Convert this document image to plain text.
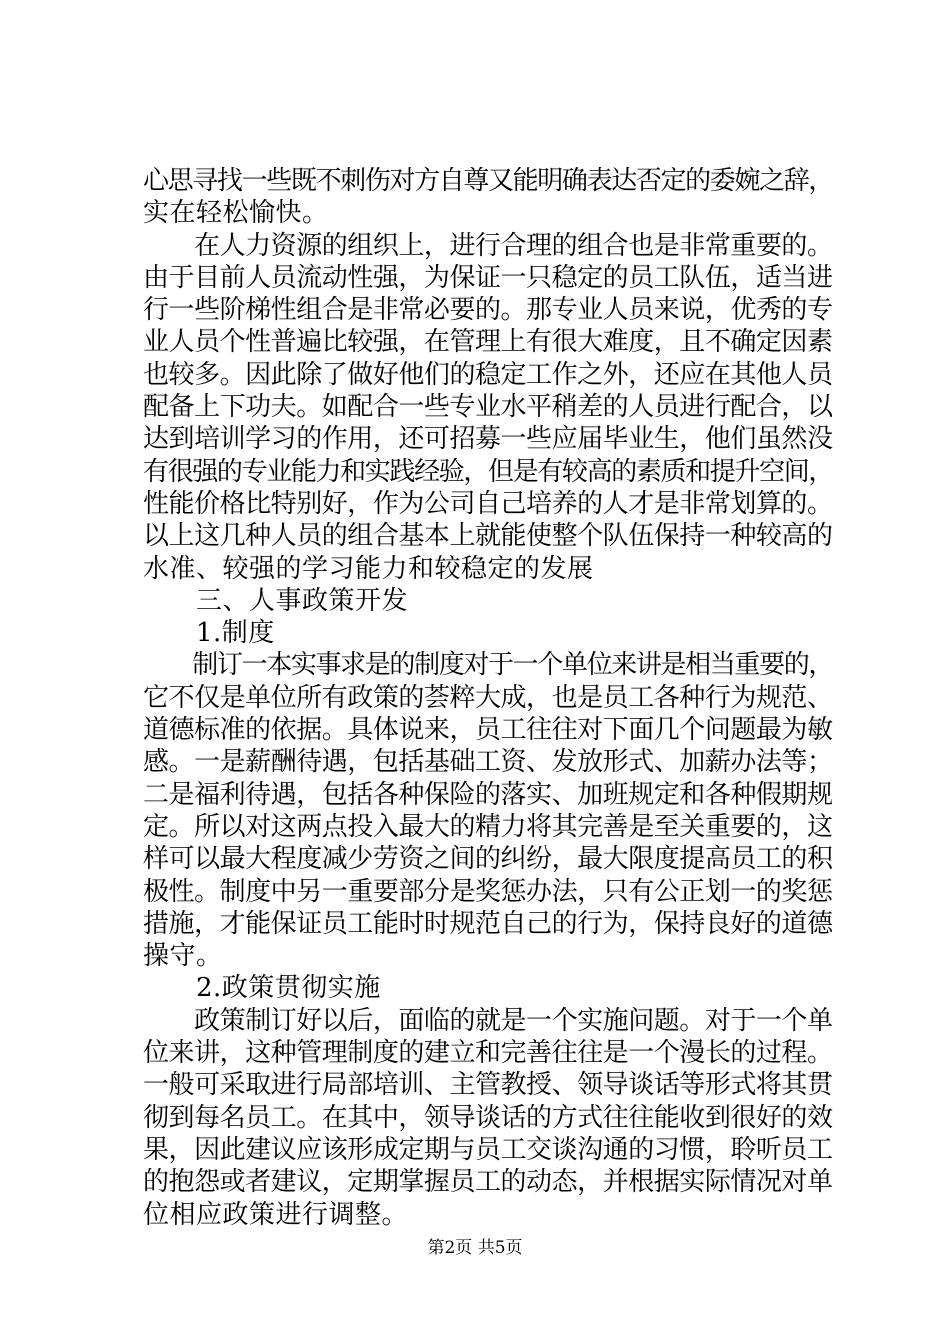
心思寻找一些既不刺伤对方自尊又能明确表达否定的委婉之辞，
实在轻松愉快。
　　在人力资源的组织上，进行合理的组合也是非常重要的。
由于目前人员流动性强，为保证一只稳定的员工队伍，适当进
行一些阶梯性组合是非常必要的。那专业人员来说，优秀的专
业人员个性普遍比较强，在管理上有很大难度，且不确定因素
也较多。因此除了做好他们的稳定工作之外，还应在其他人员
配备上下功夫。如配合一些专业水平稍差的人员进行配合，以
达到培训学习的作用，还可招募一些应届毕业生，他们虽然没
有很强的专业能力和实践经验，但是有较高的素质和提升空间，
性能价格比特别好，作为公司自己培养的人才是非常划算的。
以上这几种人员的组合基本上就能使整个队伍保持一种较高的
水准、较强的学习能力和较稳定的发展
　　三、人事政策开发
　　1.制度
　　制订一本实事求是的制度对于一个单位来讲是相当重要的，
它不仅是单位所有政策的荟粹大成，也是员工各种行为规范、
道德标准的依据。具体说来，员工往往对下面几个问题最为敏
感。一是薪酬待遇，包括基础工资、发放形式、加薪办法等；
二是福利待遇，包括各种保险的落实、加班规定和各种假期规
定。所以对这两点投入最大的精力将其完善是至关重要的，这
样可以最大程度减少劳资之间的纠纷，最大限度提高员工的积
极性。制度中另一重要部分是奖惩办法，只有公正划一的奖惩
措施，才能保证员工能时时规范自己的行为，保持良好的道德
操守。
　　2.政策贯彻实施
　　政策制订好以后，面临的就是一个实施问题。对于一个单
位来讲，这种管理制度的建立和完善往往是一个漫长的过程。
一般可采取进行局部培训、主管教授、领导谈话等形式将其贯
彻到每名员工。在其中，领导谈话的方式往往能收到很好的效
果，因此建议应该形成定期与员工交谈沟通的习惯，聆听员工
的抱怨或者建议，定期掌握员工的动态，并根据实际情况对单
位相应政策进行调整。
第2页 共5页
